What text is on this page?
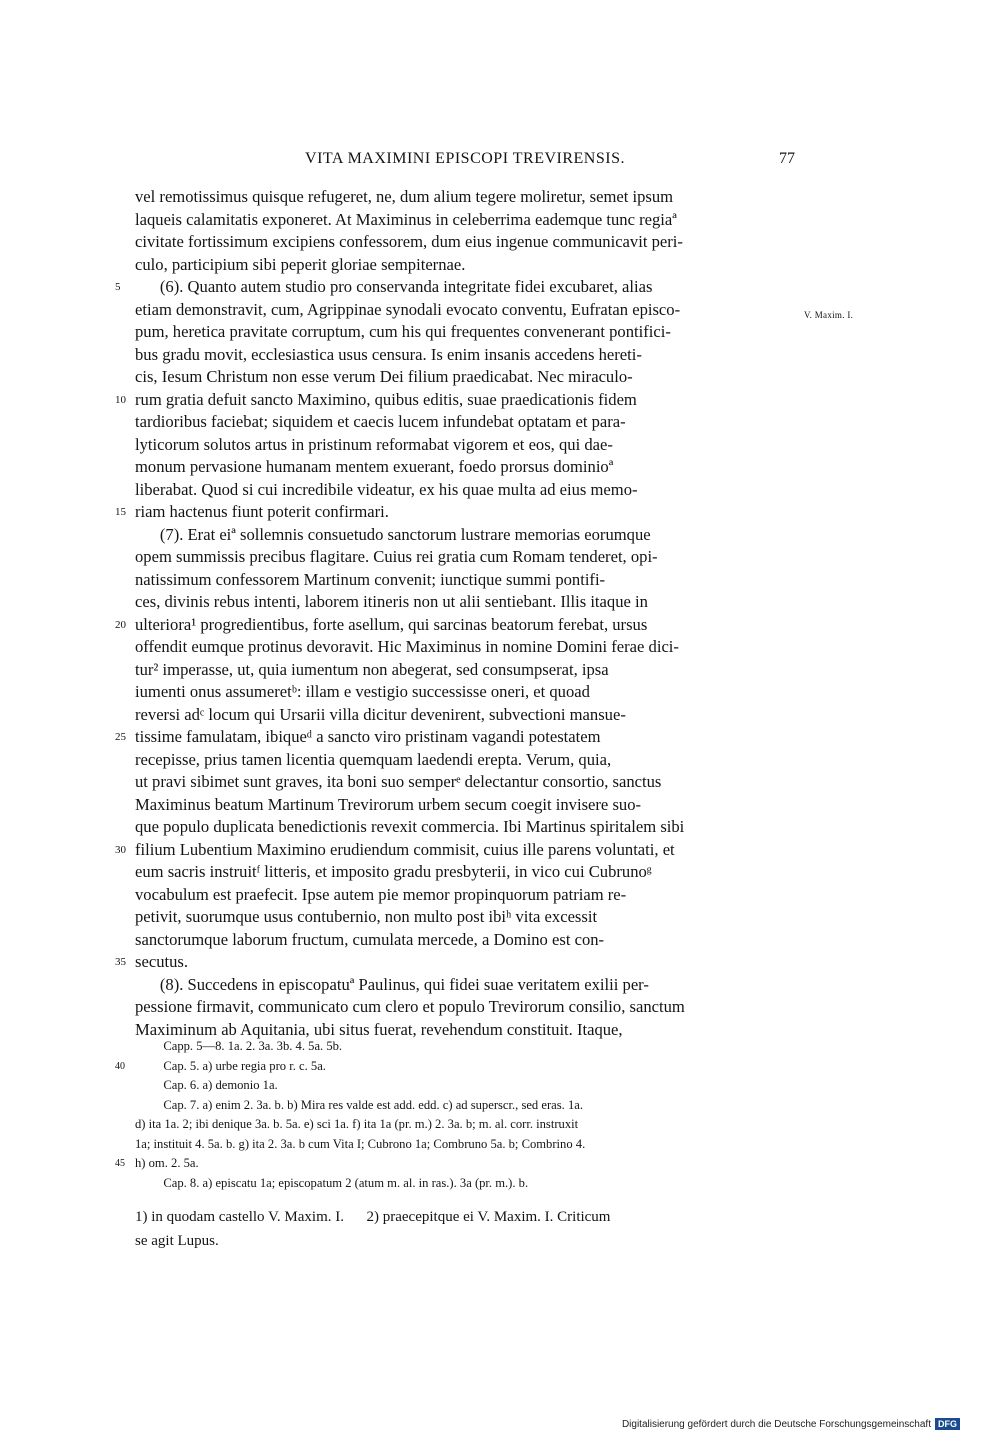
VITA MAXIMINI EPISCOPI TREVIRENSIS.	77
V. Maxim. I.
vel remotissimus quisque refugeret, ne, dum alium tegere moliretur, semet ipsum
laqueis calamitatis exponeret. At Maximinus in celeberrima eademque tunc regiaª
civitate fortissimum excipiens confessorem, dum eius ingenue communicavit peri-
culo, participium sibi peperit gloriae sempiternae.
5 (6). Quanto autem studio pro conservanda integritate fidei excubaret, alias
etiam demonstravit, cum, Agrippinae synodali evocato conventu, Eufratan episco-
pum, heretica pravitate corruptum, cum his qui frequentes convenerant pontifici-
bus gradu movit, ecclesiastica usus censura. Is enim insanis accedens hereti-
cis, Iesum Christum non esse verum Dei filium praedicabat. Nec miraculo-
10 rum gratia defuit sancto Maximino, quibus editis, suae praedicationis fidem
tardioribus faciebat; siquidem et caecis lucem infundebat optatam et para-
lyticorum solutos artus in pristinum reformabat vigorem et eos, qui dae-
monum pervasione humanam mentem exuerant, foedo prorsus dominioª
liberabat. Quod si cui incredibile videatur, ex his quae multa ad eius memo-
15 riam hactenus fiunt poterit confirmari.
(7). Erat eiª sollemnis consuetudo sanctorum lustrare memorias eorumque
opem summissis precibus flagitare. Cuius rei gratia cum Romam tenderet, opi-
natissimum confessorem Martinum convenit; iunctique summi pontifi-
ces, divinis rebus intenti, laborem itineris non ut alii sentiebant. Illis itaque in
20 ulteriora¹ progredientibus, forte asellum, qui sarcinas beatorum ferebat, ursus
offendit eumque protinus devoravit. Hic Maximinus in nomine Domini ferae dici-
tur² imperasse, ut, quia iumentum non abegerat, sed consumpserat, ipsa
iumenti onus assumeretᵇ: illam e vestigio successisse oneri, et quoad
reversi adᶜ locum qui Ursarii villa dicitur devenirent, subvectioni mansue-
25 tissime famulatam, ibiqueᵈ a sancto viro pristinam vagandi potestatem
recepisse, prius tamen licentia quemquam laedendi erepta. Verum, quia,
ut pravi sibimet sunt graves, ita boni suo semperᵉ delectantur consortio, sanctus
Maximinus beatum Martinum Trevirorum urbem secum coegit invisere suo-
que populo duplicata benedictionis revexit commercia. Ibi Martinus spiritalem sibi
30 filium Lubentium Maximino erudiendum commisit, cuius ille parens voluntati, et
eum sacris instruitᶠ litteris, et imposito gradu presbyterii, in vico cui Cubrunoᵍ
vocabulum est praefecit. Ipse autem pie memor propinquorum patriam re-
petivit, suorumque usus contubernio, non multo post ibiʰ vita excessit
sanctorumque laborum fructum, cumulata mercede, a Domino est con-
35 secutus.
(8). Succedens in episcopatuª Paulinus, qui fidei suae veritatem exilii per-
pessione firmavit, communicato cum clero et populo Trevirorum consilio, sanctum
Maximinum ab Aquitania, ubi situs fuerat, revehendum constituit. Itaque,
Capp. 5—8. 1a. 2. 3a. 3b. 4. 5a. 5b.
40 Cap. 5. a) urbe regia pro r. c. 5a.
Cap. 6. a) demonio 1a.
Cap. 7. a) enim 2. 3a. b. b) Mira res valde est add. edd. c) ad superscr., sed eras. 1a.
d) ita 1a. 2; ibi denique 3a. b. 5a. e) sci 1a. f) ita 1a (pr. m.) 2. 3a. b; m. al. corr. instruxit
1a; instituit 4. 5a. b. g) ita 2. 3a. b cum Vita I; Cubrono 1a; Combruno 5a. b; Combrino 4.
45 h) om. 2. 5a.
Cap. 8. a) episcatu 1a; episcopatum 2 (atum m. al. in ras.). 3a (pr. m.). b.
1) in quodam castello V. Maxim. I.      2) praecepitque ei V. Maxim. I. Criticum
se agit Lupus.
Digitalisierung gefördert durch die Deutsche Forschungsgemeinschaft DFG
